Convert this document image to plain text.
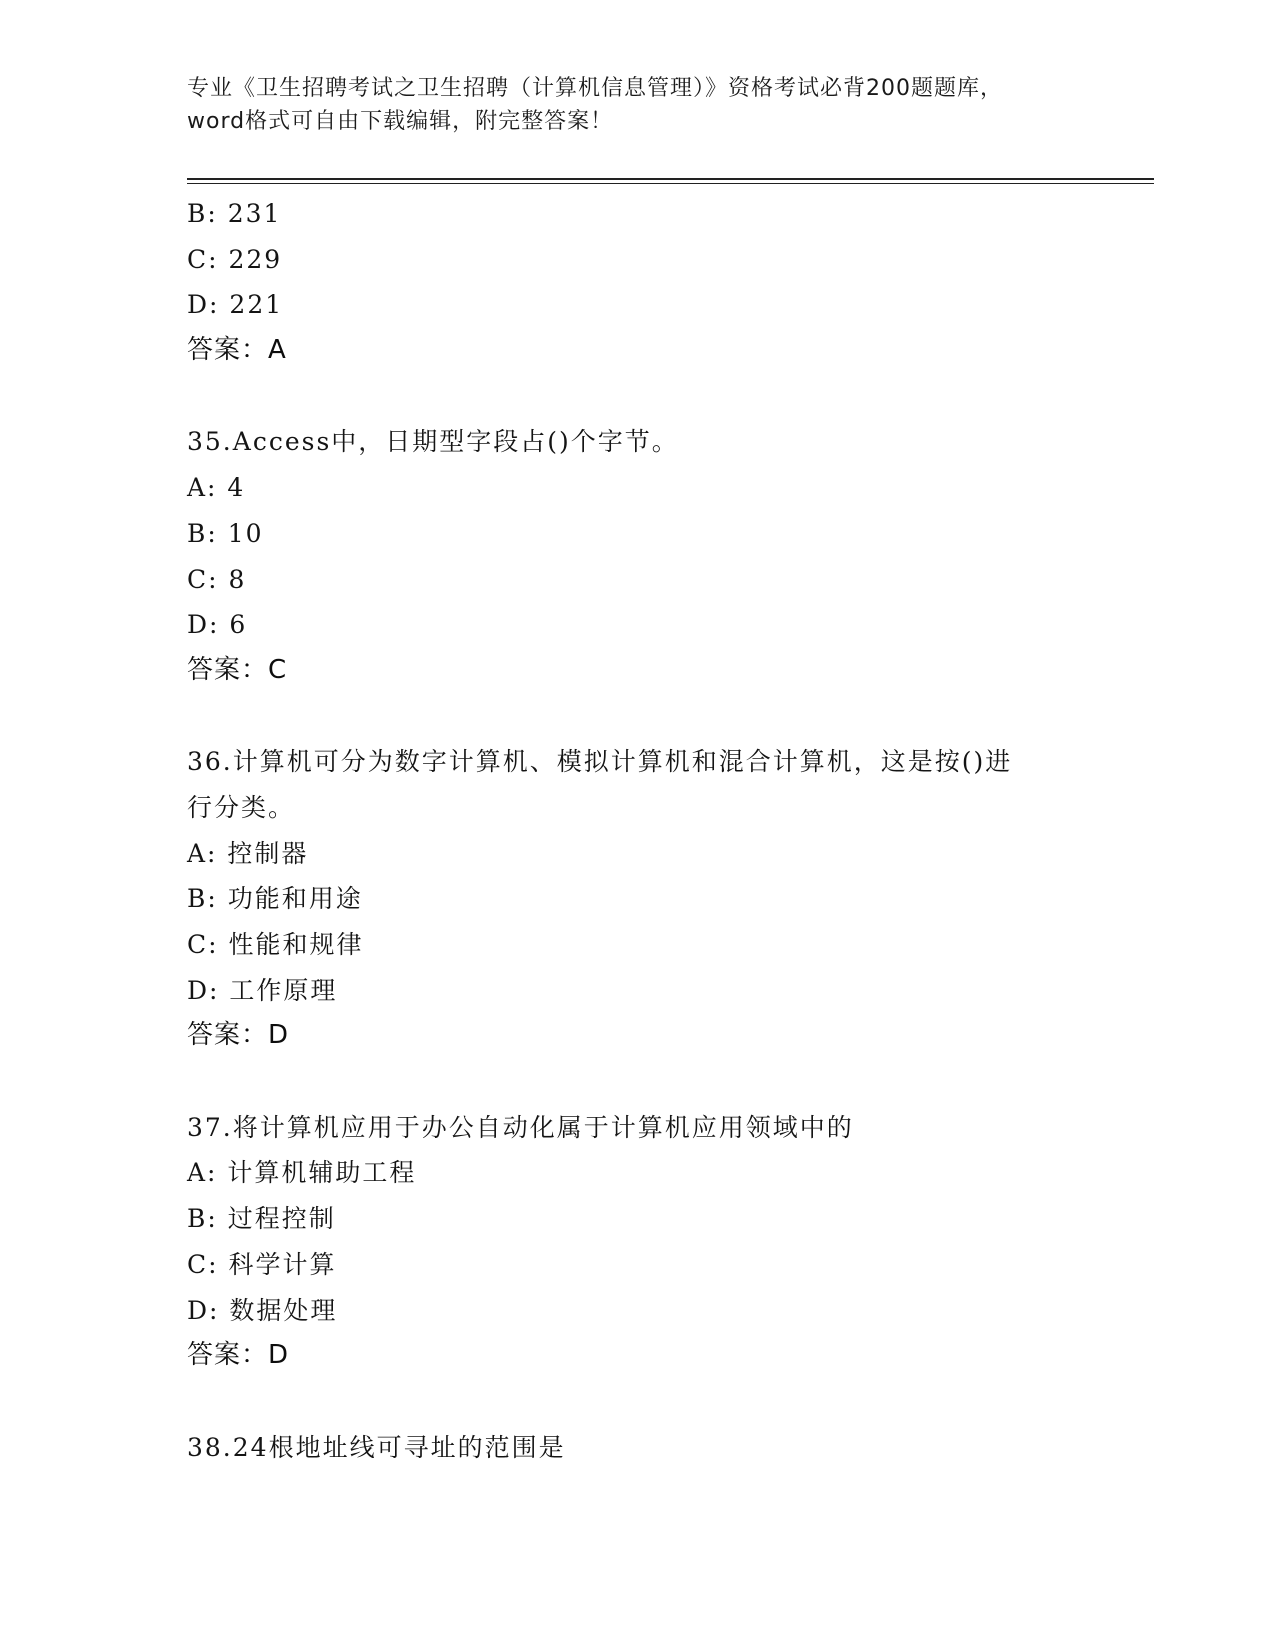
专业《卫生招聘考试之卫生招聘（计算机信息管理）》资格考试必背200题题库，
word格式可自由下载编辑，附完整答案！
B: 231
C: 229
D: 221
答案：A
35.Access中，日期型字段占()个字节。
A: 4
B: 10
C: 8
D: 6
答案：C
36.计算机可分为数字计算机、模拟计算机和混合计算机，这是按()进
行分类。
A: 控制器
B: 功能和用途
C: 性能和规律
D: 工作原理
答案：D
37.将计算机应用于办公自动化属于计算机应用领域中的
A: 计算机辅助工程
B: 过程控制
C: 科学计算
D: 数据处理
答案：D
38.24根地址线可寻址的范围是
